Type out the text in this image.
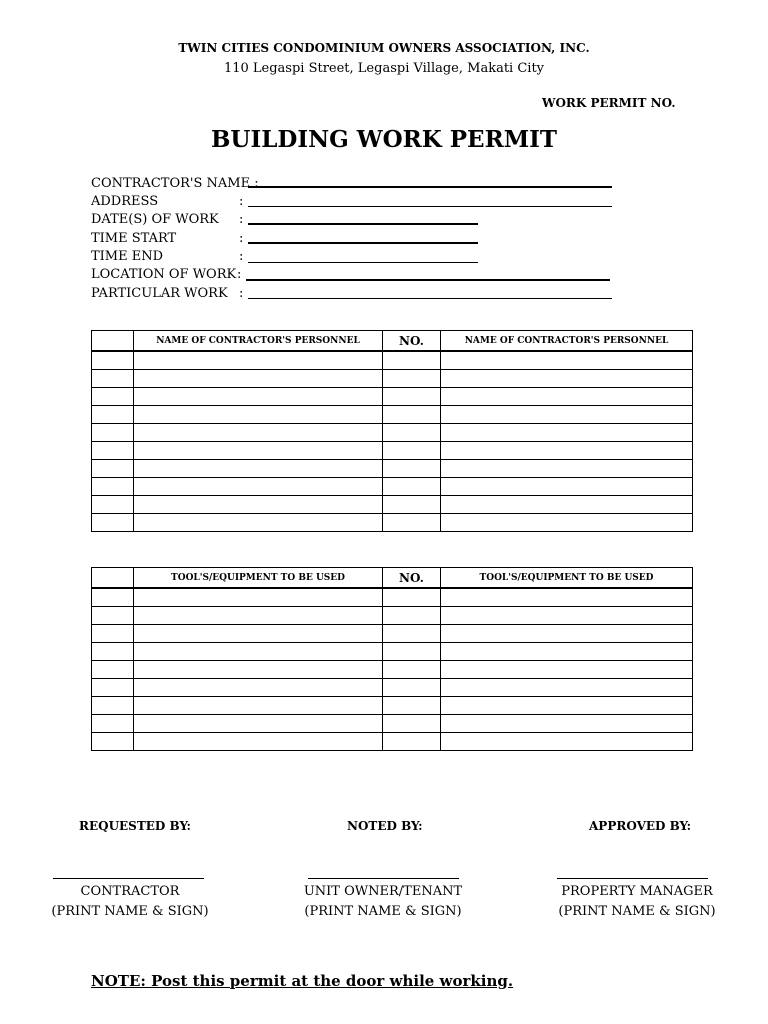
TWIN CITIES CONDOMINIUM OWNERS ASSOCIATION, INC.
110 Legaspi Street, Legaspi Village, Makati City
WORK PERMIT NO.
BUILDING WORK PERMIT
CONTRACTOR'S NAME :
ADDRESS	:
DATE(S) OF WORK :
TIME START	:
TIME END	:
LOCATION OF WORK :
PARTICULAR WORK :
	NAME OF CONTRACTOR'S PERSONNEL	NO.	NAME OF CONTRACTOR'S PERSONNEL

	TOOL'S/EQUIPMENT TO BE USED	NO.	TOOL'S/EQUIPMENT TO BE USED

REQUESTED BY:	NOTED BY:	APPROVED BY:
CONTRACTOR	UNIT OWNER/TENANT	PROPERTY MANAGER
(PRINT NAME & SIGN)	(PRINT NAME & SIGN)	(PRINT NAME & SIGN)
NOTE: Post this permit at the door while working.
